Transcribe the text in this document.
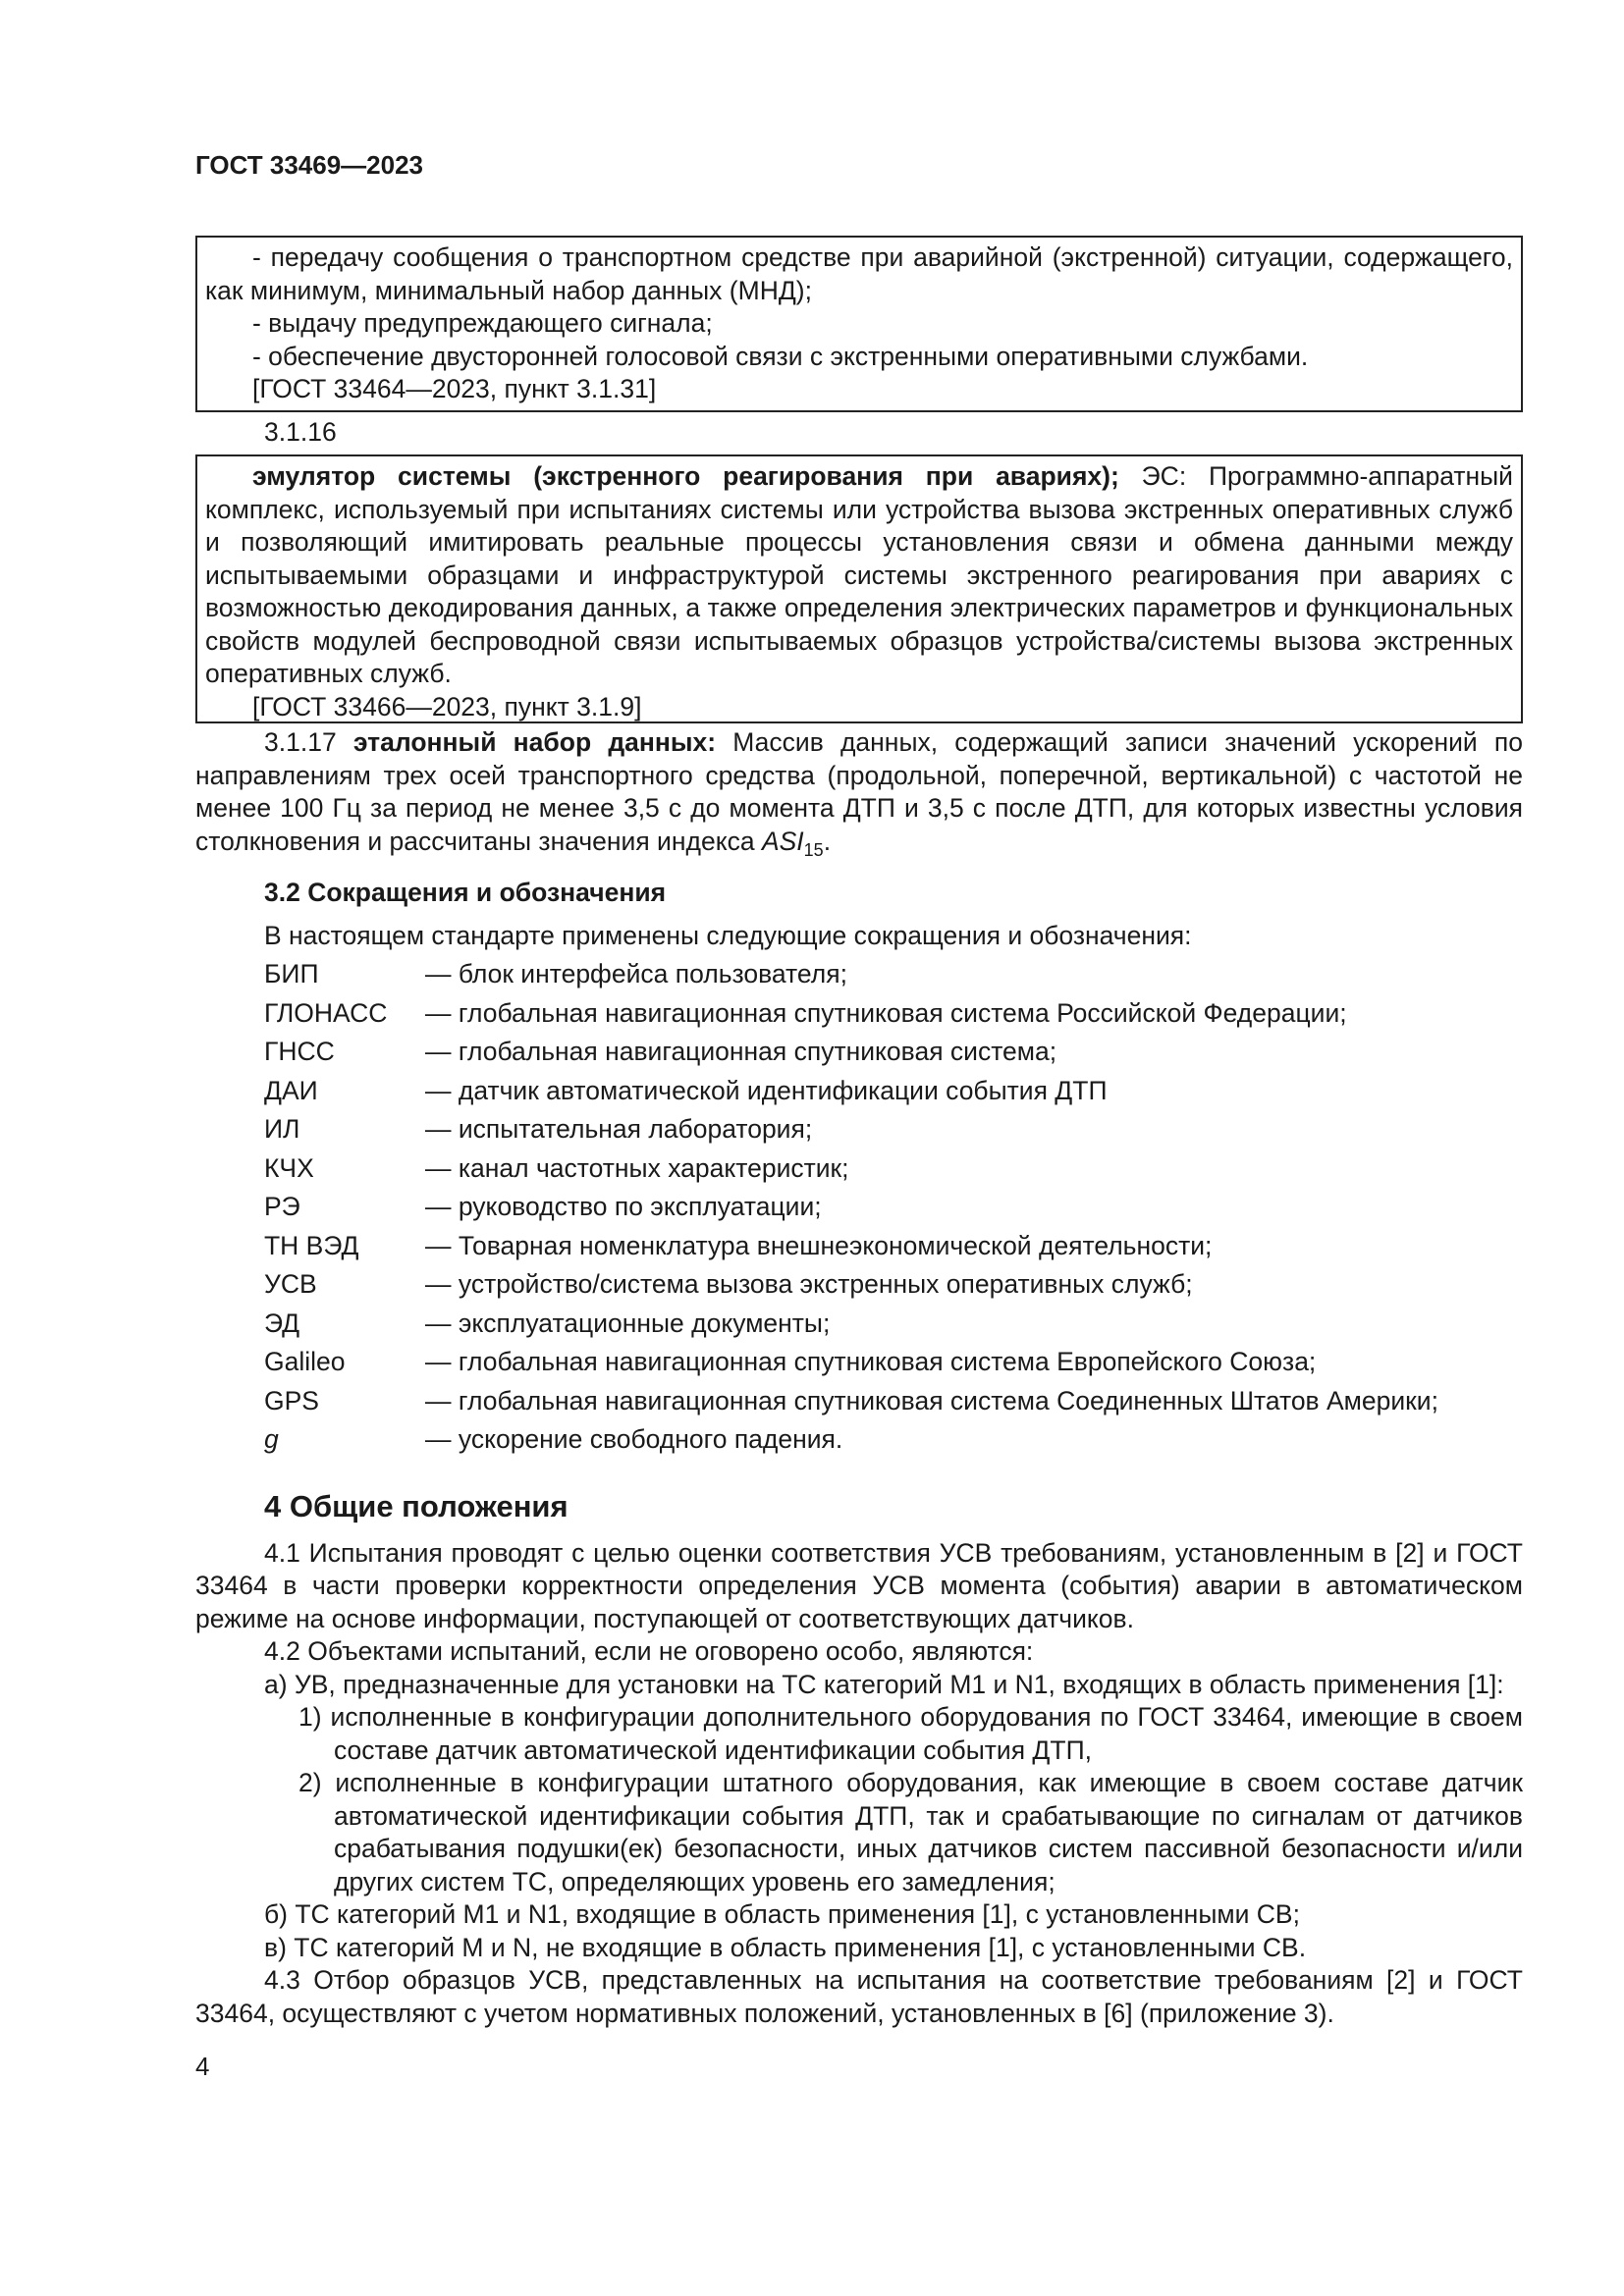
ГОСТ 33469—2023

- передачу сообщения о транспортном средстве при аварийной (экстренной) ситуации, содержащего, как минимум, минимальный набор данных (МНД);

- выдачу предупреждающего сигнала;

- обеспечение двусторонней голосовой связи с экстренными оперативными службами.

[ГОСТ 33464—2023, пункт 3.1.31]

3.1.16

эмулятор системы (экстренного реагирования при авариях); ЭС: Программно-аппаратный комплекс, используемый при испытаниях системы или устройства вызова экстренных оперативных служб и позволяющий имитировать реальные процессы установления связи и обмена данными между испытываемыми образцами и инфраструктурой системы экстренного реагирования при авариях с возможностью декодирования данных, а также определения электрических параметров и функциональных свойств модулей беспроводной связи испытываемых образцов устройства/системы вызова экстренных оперативных служб.

[ГОСТ 33466—2023, пункт 3.1.9]

3.1.17 эталонный набор данных: Массив данных, содержащий записи значений ускорений по направлениям трех осей транспортного средства (продольной, поперечной, вертикальной) с частотой не менее 100 Гц за период не менее 3,5 с до момента ДТП и 3,5 с после ДТП, для которых известны условия столкновения и рассчитаны значения индекса $ASI_{15}$.

3.2 Сокращения и обозначения

В настоящем стандарте применены следующие сокращения и обозначения:

БИП	— блок интерфейса пользователя;
ГЛОНАСС	— глобальная навигационная спутниковая система Российской Федерации;
ГНСС	— глобальная навигационная спутниковая система;
ДАИ	— датчик автоматической идентификации события ДТП
ИЛ	— испытательная лаборатория;
КЧХ	— канал частотных характеристик;
РЭ	— руководство по эксплуатации;
ТН ВЭД	— Товарная номенклатура внешнеэкономической деятельности;
УСВ	— устройство/система вызова экстренных оперативных служб;
ЭД	— эксплуатационные документы;
Galileo	— глобальная навигационная спутниковая система Европейского Союза;
GPS	— глобальная навигационная спутниковая система Соединенных Штатов Америки;
g	— ускорение свободного падения.

4 Общие положения

4.1 Испытания проводят с целью оценки соответствия УСВ требованиям, установленным в [2] и ГОСТ 33464 в части проверки корректности определения УСВ момента (события) аварии в автоматическом режиме на основе информации, поступающей от соответствующих датчиков.

4.2 Объектами испытаний, если не оговорено особо, являются:

а) УВ, предназначенные для установки на ТС категорий М1 и N1, входящих в область применения [1]:

1) исполненные в конфигурации дополнительного оборудования по ГОСТ 33464, имеющие в своем составе датчик автоматической идентификации события ДТП,

2) исполненные в конфигурации штатного оборудования, как имеющие в своем составе датчик автоматической идентификации события ДТП, так и срабатывающие по сигналам от датчиков срабатывания подушки(ек) безопасности, иных датчиков систем пассивной безопасности и/или других систем ТС, определяющих уровень его замедления;

б) ТС категорий М1 и N1, входящие в область применения [1], с установленными СВ;

в) ТС категорий М и N, не входящие в область применения [1], с установленными СВ.

4.3 Отбор образцов УСВ, представленных на испытания на соответствие требованиям [2] и ГОСТ 33464, осуществляют с учетом нормативных положений, установленных в [6] (приложение 3).

4
